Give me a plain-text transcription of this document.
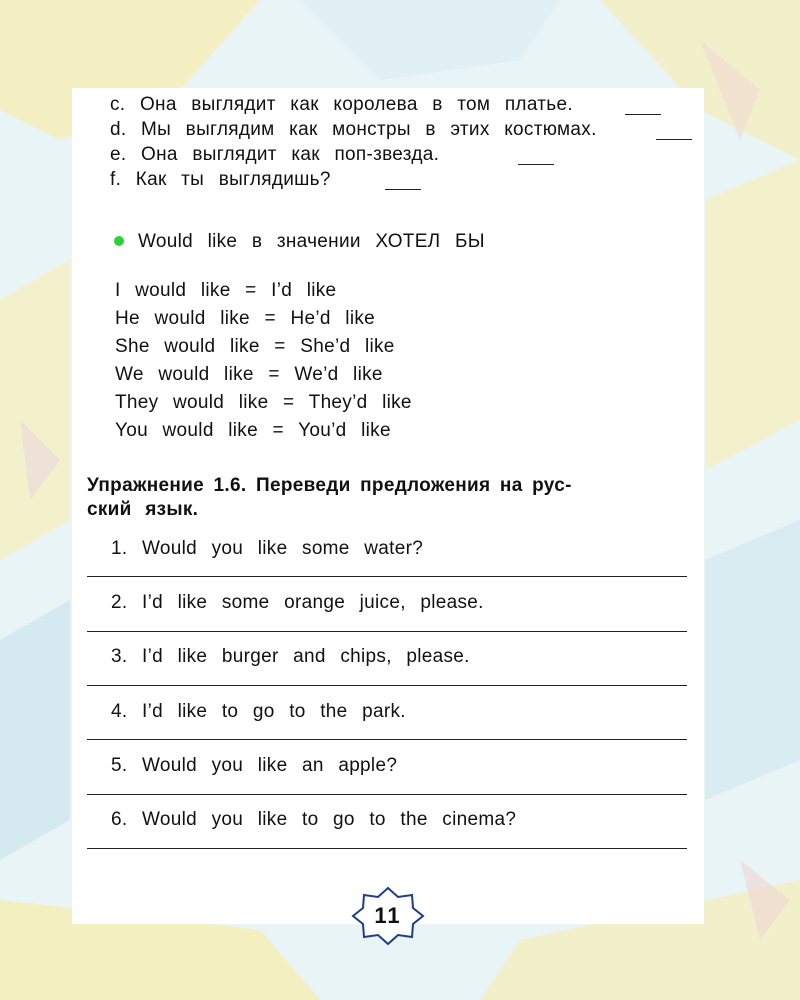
c. Она выглядит как королева в том платье.
d. Мы выглядим как монстры в этих костюмах.
e. Она выглядит как поп-звезда.
f. Как ты выглядишь?
Would like в значении ХОТЕЛ БЫ
I would like = I’d like
He would like = He’d like
She would like = She’d like
We would like = We’d like
They would like = They’d like
You would like = You’d like
Упражнение 1.6. Переведи предложения на рус-
ский язык.
1. Would you like some water?
2. I’d like some orange juice, please.
3. I’d like burger and chips, please.
4. I’d like to go to the park.
5. Would you like an apple?
6. Would you like to go to the cinema?
11
